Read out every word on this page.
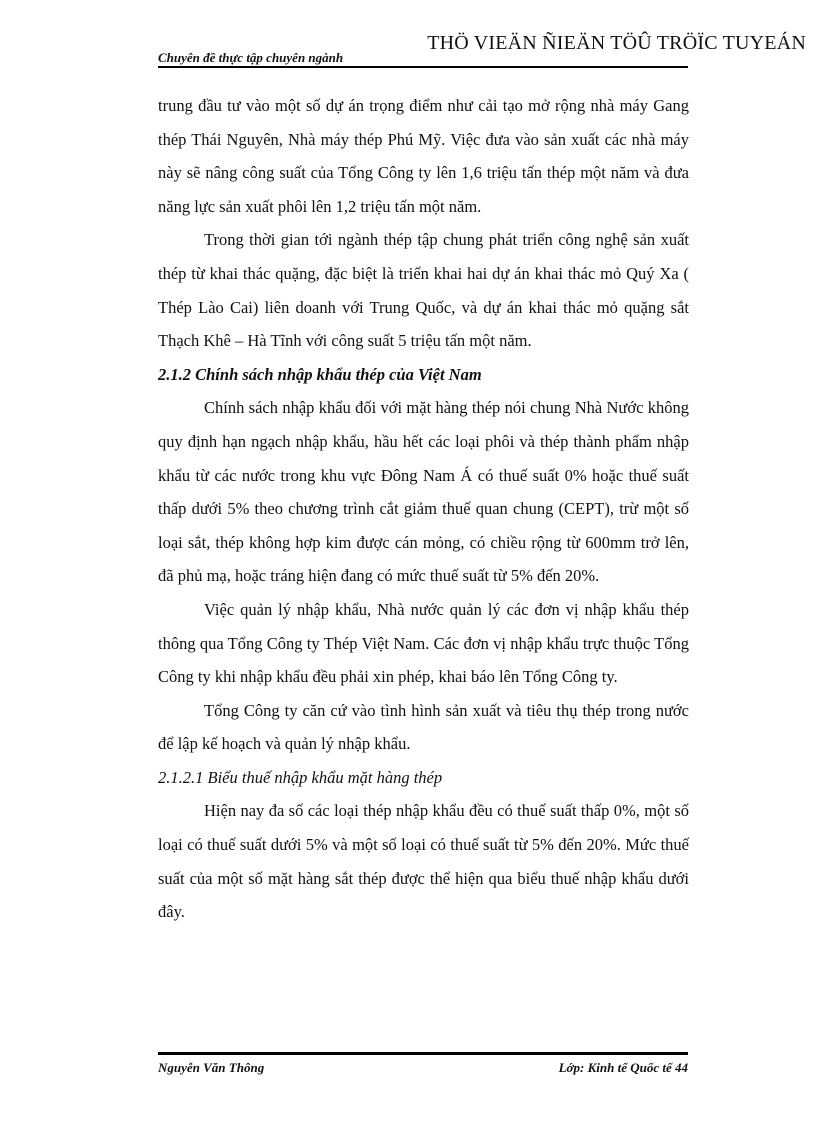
Chuyên đề thực tập chuyên ngành
THÖ VIEÄN ÑIEÄN TÖÛ TRÖÏC TUYEÁN

trung đầu tư vào một số dự án trọng điểm như cải tạo mở rộng nhà máy Gang thép Thái Nguyên, Nhà máy thép Phú Mỹ. Việc đưa vào sản xuất các nhà máy này sẽ nâng công suất của Tổng Công ty lên 1,6 triệu tấn thép một năm và đưa năng lực sản xuất phôi lên 1,2 triệu tấn một năm.

Trong thời gian tới ngành thép tập chung phát triển công nghệ sản xuất thép từ khai thác quặng, đặc biệt là triển khai hai dự án khai thác mỏ Quý Xa ( Thép Lào Cai) liên doanh với Trung Quốc, và dự án khai thác mỏ quặng sắt Thạch Khê – Hà Tĩnh với công suất 5 triệu tấn một năm.

2.1.2 Chính sách nhập khẩu thép của Việt Nam

Chính sách nhập khẩu đối với mặt hàng thép nói chung Nhà Nước không quy định hạn ngạch nhập khẩu, hầu hết các loại phôi và thép thành phẩm nhập khẩu từ các nước trong khu vực Đông Nam Á có thuế suất 0% hoặc thuế suất thấp dưới 5% theo chương trình cắt giảm thuế quan chung (CEPT), trừ một số loại sắt, thép không hợp kim được cán mỏng, có chiều rộng từ 600mm trở lên, đã phủ mạ, hoặc tráng hiện đang có mức thuế suất từ 5% đến 20%.

Việc quản lý nhập khẩu, Nhà nước quản lý các đơn vị nhập khẩu thép thông qua Tổng Công ty Thép Việt Nam. Các đơn vị nhập khẩu trực thuộc Tổng Công ty khi nhập khẩu đều phải xin phép, khai báo lên Tổng Công ty.

Tổng Công ty căn cứ vào tình hình sản xuất và tiêu thụ thép trong nước để lập kế hoạch và quản lý nhập khẩu.

2.1.2.1 Biểu thuế nhập khẩu mặt hàng thép

Hiện nay đa số các loại thép nhập khẩu đều có thuế suất thấp 0%, một số loại có thuế suất dưới 5% và một số loại có thuế suất từ 5% đến 20%. Mức thuế suất của một số mặt hàng sắt thép được thể hiện qua biểu thuế nhập khẩu dưới đây.

Nguyễn Văn Thông	Lớp: Kinh tế Quốc tế 44
